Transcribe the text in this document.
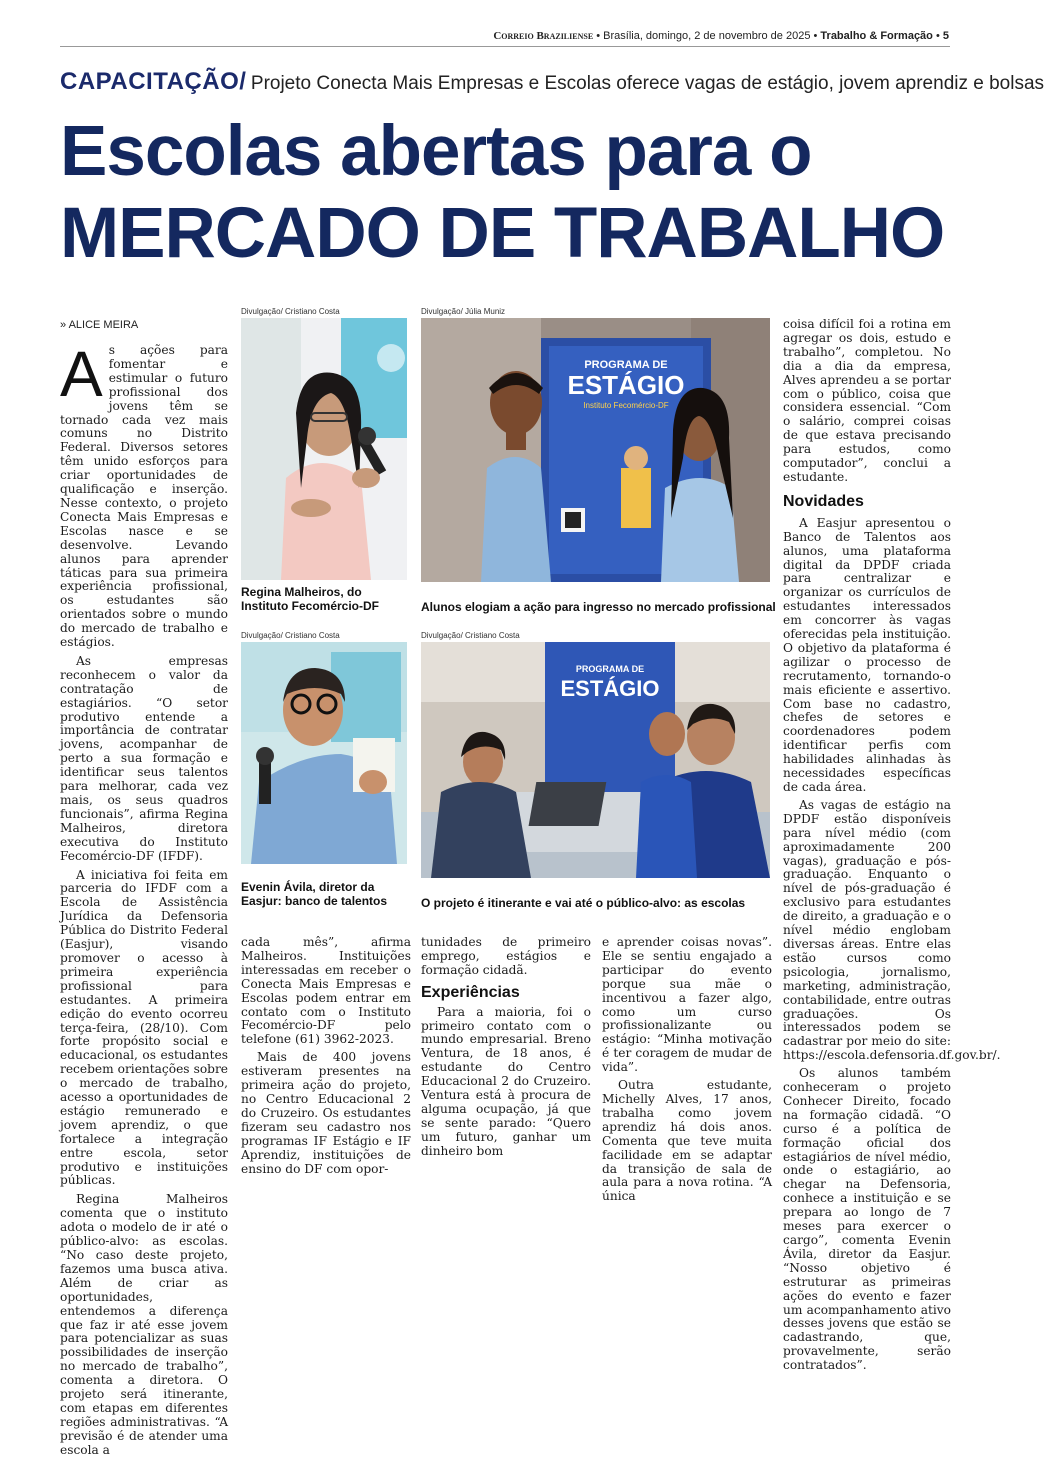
Correio Braziliense • Brasília, domingo, 2 de novembro de 2025 • Trabalho & Formação • 5
CAPACITAÇÃO/ Projeto Conecta Mais Empresas e Escolas oferece vagas de estágio, jovem aprendiz e bolsas
Escolas abertas para o
MERCADO DE TRABALHO
» ALICE MEIRA

As ações para fomentar e estimular o futuro profissional dos jovens têm se tornado cada vez mais comuns no Distrito Federal. Diversos setores têm unido esforços para criar oportunidades de qualificação e inserção. Nesse contexto, o projeto Conecta Mais Empresas e Escolas nasce e se desenvolve. Levando alunos para aprender táticas para sua primeira experiência profissional, os estudantes são orientados sobre o mundo do mercado de trabalho e estágios.

As empresas reconhecem o valor da contratação de estagiários. “O setor produtivo entende a importância de contratar jovens, acompanhar de perto a sua formação e identificar seus talentos para melhorar, cada vez mais, os seus quadros funcionais”, afirma Regina Malheiros, diretora executiva do Instituto Fecomércio-DF (IFDF).

A iniciativa foi feita em parceria do IFDF com a Escola de Assistência Jurídica da Defensoria Pública do Distrito Federal (Easjur), visando promover o acesso à primeira experiência profissional para estudantes. A primeira edição do evento ocorreu terça-feira, (28/10). Com forte propósito social e educacional, os estudantes recebem orientações sobre o mercado de trabalho, acesso a oportunidades de estágio remunerado e jovem aprendiz, o que fortalece a integração entre escola, setor produtivo e instituições públicas.

Regina Malheiros comenta que o instituto adota o modelo de ir até o público-alvo: as escolas. “No caso deste projeto, fazemos uma busca ativa. Além de criar as oportunidades, entendemos a diferença que faz ir até esse jovem para potencializar as suas possibilidades de inserção no mercado de trabalho”, comenta a diretora. O projeto será itinerante, com etapas em diferentes regiões administrativas. “A previsão é de atender uma escola a

Divulgação/ Cristiano Costa
Regina Malheiros, do Instituto Fecomércio-DF
Divulgação/ Júlia Muniz
PROGRAMA DE
ESTÁGIO
Instituto Fecomércio-DF
Alunos elogiam a ação para ingresso no mercado profissional
Divulgação/ Cristiano Costa
Evenin Ávila, diretor da Easjur: banco de talentos
Divulgação/ Cristiano Costa
PROGRAMA DE
ESTÁGIO
O projeto é itinerante e vai até o público-alvo: as escolas

cada mês”, afirma Malheiros. Instituições interessadas em receber o Conecta Mais Empresas e Escolas podem entrar em contato com o Instituto Fecomércio-DF pelo telefone (61) 3962-2023.

Mais de 400 jovens estiveram presentes na primeira ação do projeto, no Centro Educacional 2 do Cruzeiro. Os estudantes fizeram seu cadastro nos programas IF Estágio e IF Aprendiz, instituições de ensino do DF com opor-

tunidades de primeiro emprego, estágios e formação cidadã.

Experiências

Para a maioria, foi o primeiro contato com o mundo empresarial. Breno Ventura, de 18 anos, é estudante do Centro Educacional 2 do Cruzeiro. Ventura está à procura de alguma ocupação, já que se sente parado: “Quero um futuro, ganhar um dinheiro bom

e aprender coisas novas”. Ele se sentiu engajado a participar do evento porque sua mãe o incentivou a fazer algo, como um curso profissionalizante ou estágio: “Minha motivação é ter coragem de mudar de vida”.

Outra estudante, Michelly Alves, 17 anos, trabalha como jovem aprendiz há dois anos. Comenta que teve muita facilidade em se adaptar da transição de sala de aula para a nova rotina. “A única

coisa difícil foi a rotina em agregar os dois, estudo e trabalho”, completou. No dia a dia da empresa, Alves aprendeu a se portar com o público, coisa que considera essencial. “Com o salário, comprei coisas de que estava precisando para estudos, como computador”, conclui a estudante.

Novidades

A Easjur apresentou o Banco de Talentos aos alunos, uma plataforma digital da DPDF criada para centralizar e organizar os currículos de estudantes interessados em concorrer às vagas oferecidas pela instituição. O objetivo da plataforma é agilizar o processo de recrutamento, tornando-o mais eficiente e assertivo. Com base no cadastro, chefes de setores e coordenadores podem identificar perfis com habilidades alinhadas às necessidades específicas de cada área.

As vagas de estágio na DPDF estão disponíveis para nível médio (com aproximadamente 200 vagas), graduação e pós-graduação. Enquanto o nível de pós-graduação é exclusivo para estudantes de direito, a graduação e o nível médio englobam diversas áreas. Entre elas estão cursos como psicologia, jornalismo, marketing, administração, contabilidade, entre outras graduações. Os interessados podem se cadastrar por meio do site: https://escola.defensoria.df.gov.br/.

Os alunos também conheceram o projeto Conhecer Direito, focado na formação cidadã. “O curso é a política de formação oficial dos estagiários de nível médio, onde o estagiário, ao chegar na Defensoria, conhece a instituição e se prepara ao longo de 7 meses para exercer o cargo”, comenta Evenin Ávila, diretor da Easjur. “Nosso objetivo é estruturar as primeiras ações do evento e fazer um acompanhamento ativo desses jovens que estão se cadastrando, que, provavelmente, serão contratados”.
